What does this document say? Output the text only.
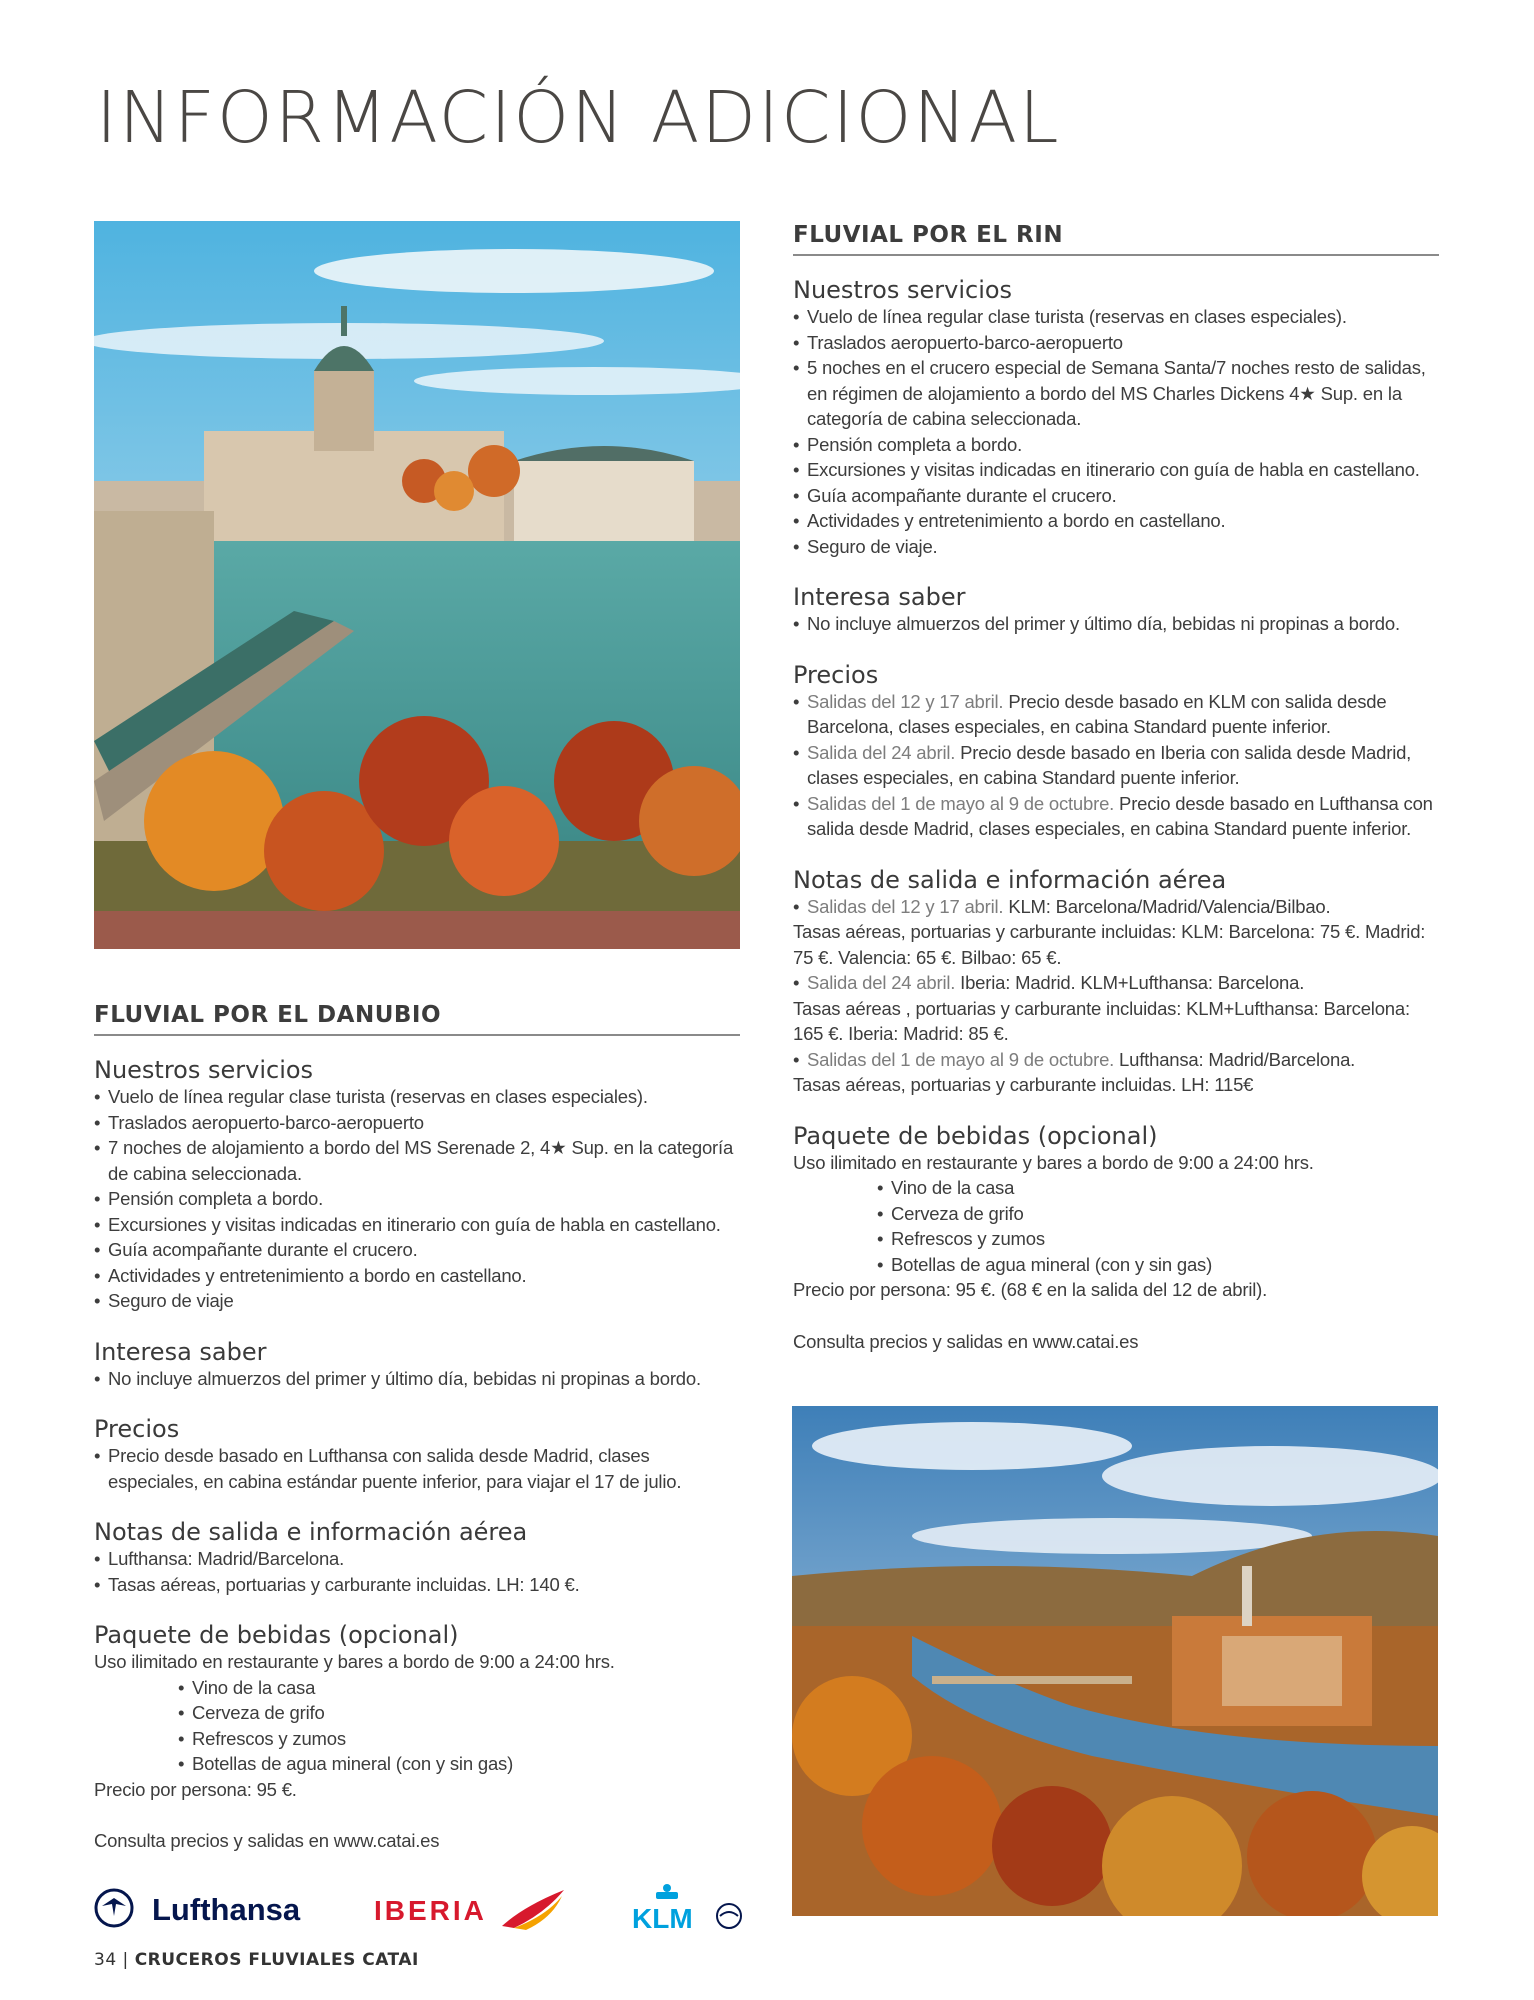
INFORMACIÓN ADICIONAL
FLUVIAL POR EL DANUBIO
Nuestros servicios
• Vuelo de línea regular clase turista (reservas en clases especiales).
• Traslados aeropuerto-barco-aeropuerto
• 7 noches de alojamiento a bordo del MS Serenade 2, 4★ Sup. en la categoría de cabina seleccionada.
• Pensión completa a bordo.
• Excursiones y visitas indicadas en itinerario con guía de habla en castellano.
• Guía acompañante durante el crucero.
• Actividades y entretenimiento a bordo en castellano.
• Seguro de viaje
Interesa saber
• No incluye almuerzos del primer y último día, bebidas ni propinas a bordo.
Precios
• Precio desde basado en Lufthansa con salida desde Madrid, clases especiales, en cabina estándar puente inferior, para viajar el 17 de julio.
Notas de salida e información aérea
• Lufthansa: Madrid/Barcelona.
• Tasas aéreas, portuarias y carburante incluidas. LH: 140 €.
Paquete de bebidas (opcional)
Uso ilimitado en restaurante y bares a bordo de 9:00 a 24:00 hrs.
• Vino de la casa
• Cerveza de grifo
• Refrescos y zumos
• Botellas de agua mineral (con y sin gas)
Precio por persona: 95 €.
Consulta precios y salidas en www.catai.es
FLUVIAL POR EL RIN
Nuestros servicios
• Vuelo de línea regular clase turista (reservas en clases especiales).
• Traslados aeropuerto-barco-aeropuerto
• 5 noches en el crucero especial de Semana Santa/7 noches resto de salidas, en régimen de alojamiento a bordo del MS Charles Dickens 4★ Sup. en la categoría de cabina seleccionada.
• Pensión completa a bordo.
• Excursiones y visitas indicadas en itinerario con guía de habla en castellano.
• Guía acompañante durante el crucero.
• Actividades y entretenimiento a bordo en castellano.
• Seguro de viaje.
Interesa saber
• No incluye almuerzos del primer y último día, bebidas ni propinas a bordo.
Precios
• Salidas del 12 y 17 abril. Precio desde basado en KLM con salida desde Barcelona, clases especiales, en cabina Standard puente inferior.
• Salida del 24 abril. Precio desde basado en Iberia con salida desde Madrid, clases especiales, en cabina Standard puente inferior.
• Salidas del 1 de mayo al 9 de octubre. Precio desde basado en Lufthansa con salida desde Madrid, clases especiales, en cabina Standard puente inferior.
Notas de salida e información aérea
• Salidas del 12 y 17 abril. KLM: Barcelona/Madrid/Valencia/Bilbao.
Tasas aéreas, portuarias y carburante incluidas: KLM: Barcelona: 75 €. Madrid: 75 €. Valencia: 65 €. Bilbao: 65 €.
• Salida del 24 abril. Iberia: Madrid. KLM+Lufthansa: Barcelona.
Tasas aéreas , portuarias y carburante incluidas: KLM+Lufthansa: Barcelona: 165 €. Iberia: Madrid: 85 €.
• Salidas del 1 de mayo al 9 de octubre. Lufthansa: Madrid/Barcelona.
Tasas aéreas, portuarias y carburante incluidas. LH: 115€
Paquete de bebidas (opcional)
Uso ilimitado en restaurante y bares a bordo de 9:00 a 24:00 hrs.
• Vino de la casa
• Cerveza de grifo
• Refrescos y zumos
• Botellas de agua mineral (con y sin gas)
Precio por persona: 95 €. (68 € en la salida del 12 de abril).
Consulta precios y salidas en www.catai.es
Lufthansa	IBERIA	KLM
34 | CRUCEROS FLUVIALES CATAI
